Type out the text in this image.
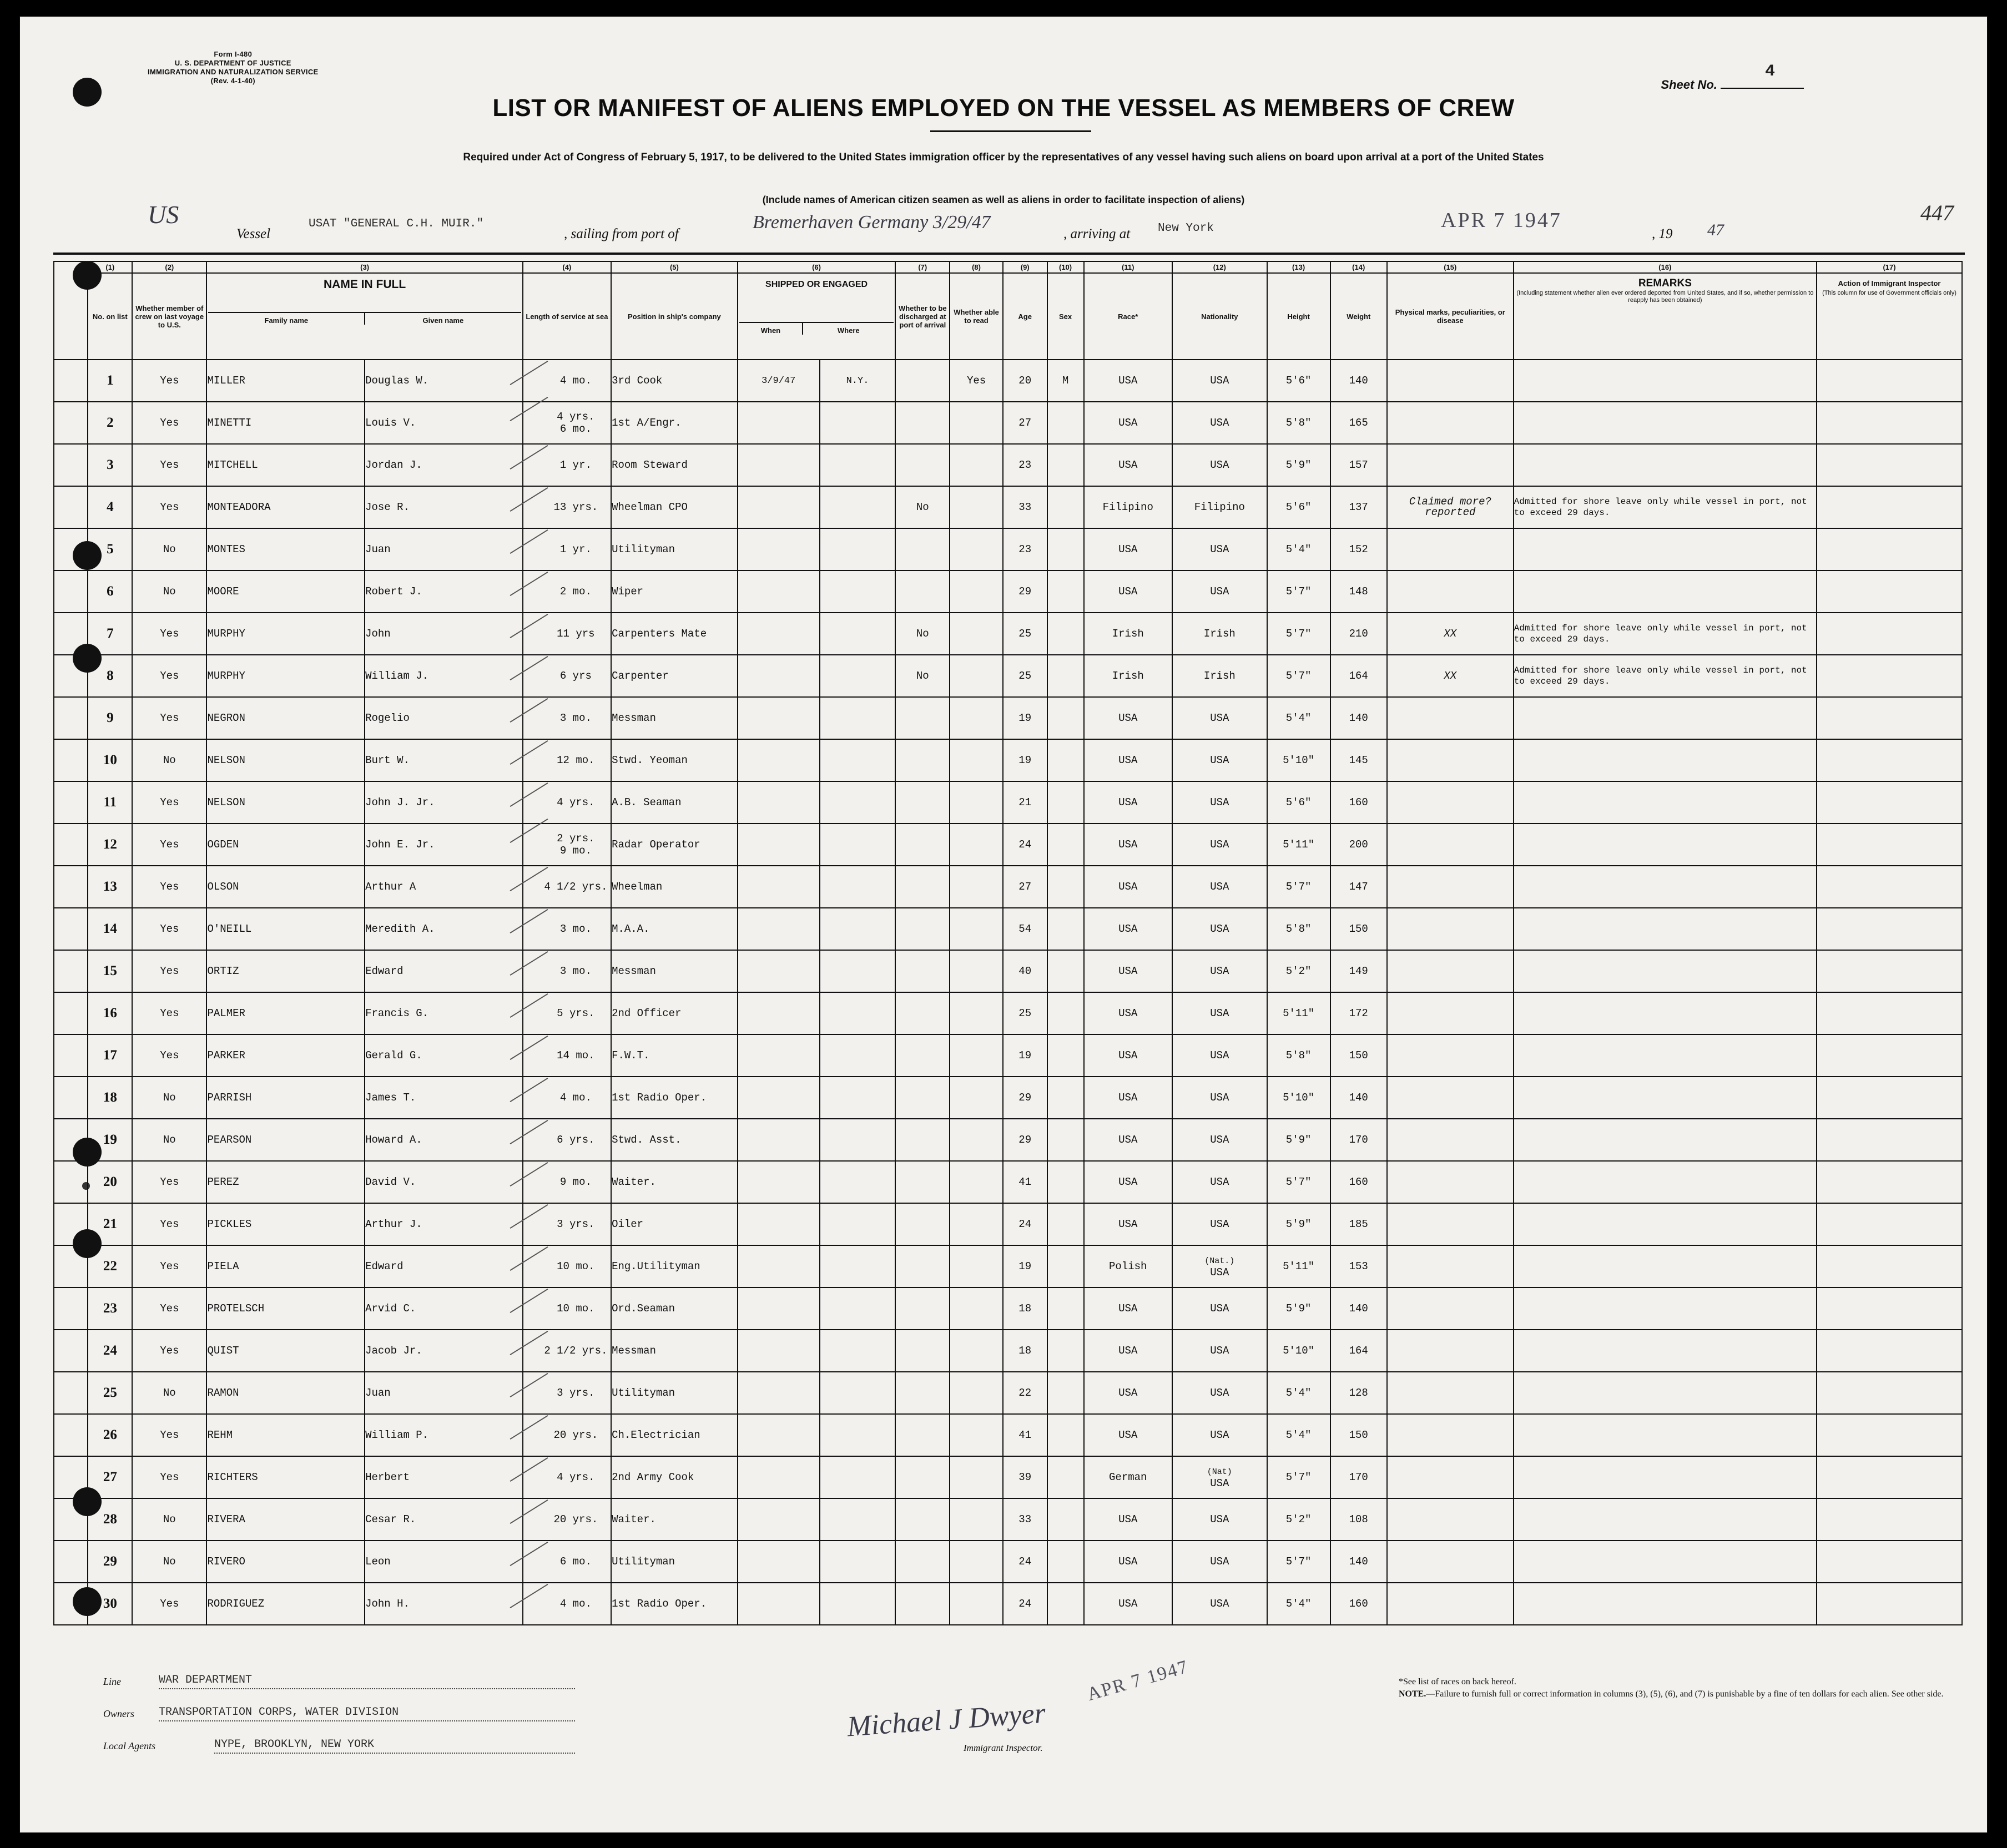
Form I-480
U. S. DEPARTMENT OF JUSTICE
IMMIGRATION AND NATURALIZATION SERVICE
(Rev. 4-1-40)	Sheet No.
4
LIST OR MANIFEST OF ALIENS EMPLOYED ON THE VESSEL AS MEMBERS OF CREW
Required under Act of Congress of February 5, 1917, to be delivered to the United States immigration officer by the representatives of any vessel having such aliens on board upon arrival at a port of the United States
(Include names of American citizen seamen as well as aliens in order to facilitate inspection of aliens)
US	447
Vessel
USAT "GENERAL C.H. MUIR."
, sailing from port of
Bremerhaven Germany 3/29/47
, arriving at New York	, 19 47
APR 7 1947
	(1)	(2)	(3)		(4)	(5)	(6)		(7)	(8)	(9)	(10)	(11)	(12)	(13)	(14)	(15)	(16)	(17)
No. on list	Whether member of crew on last voyage to U.S.	
NAME IN FULL
Family name	Given name	Length of service at sea	Position in ship's company	
SHIPPED OR ENGAGED
When	Where
	Whether to be discharged at port of arrival	Whether able to read	Age	Sex	Race*	Nationality	Height	Weight	Physical marks, peculiarities, or disease	
REMARKS
(Including statement whether alien ever ordered deported from United States, and if so, whether permission to reapply has been obtained)

Action of Immigrant Inspector
(This column for use of Government officials only)

	1	Yes	MILLER	Douglas W.	4 mo.	3rd Cook	3/9/47	N.Y.		Yes	20	M	USA	USA	5'6"	140			
	2	Yes	MINETTI	Louis V.	4 yrs.
6 mo.	1st A/Engr.					27		USA	USA	5'8"	165			
	3	Yes	MITCHELL	Jordan J.	1 yr.	Room Steward					23		USA	USA	5'9"	157			
	4	Yes	MONTEADORA	Jose R.	13 yrs.	Wheelman CPO			No		33		Filipino	Filipino	5'6"	137	Claimed more? reported	Admitted for shore leave only while vessel in port, not to exceed 29 days.	
	5	No	MONTES	Juan	1 yr.	Utilityman					23		USA	USA	5'4"	152			
	6	No	MOORE	Robert J.	2 mo.	Wiper					29		USA	USA	5'7"	148			
	7	Yes	MURPHY	John	11 yrs	Carpenters Mate			No		25		Irish	Irish	5'7"	210	XX	Admitted for shore leave only while vessel in port, not to exceed 29 days.	
	8	Yes	MURPHY	William J.	6 yrs	Carpenter			No		25		Irish	Irish	5'7"	164	XX	Admitted for shore leave only while vessel in port, not to exceed 29 days.	
	9	Yes	NEGRON	Rogelio	3 mo.	Messman					19		USA	USA	5'4"	140			
	10	No	NELSON	Burt W.	12 mo.	Stwd. Yeoman					19		USA	USA	5'10"	145			
	11	Yes	NELSON	John J. Jr.	4 yrs.	A.B. Seaman					21		USA	USA	5'6"	160			
	12	Yes	OGDEN	John E. Jr.	2 yrs.
9 mo.	Radar Operator					24		USA	USA	5'11"	200			
	13	Yes	OLSON	Arthur A	4 1/2 yrs.	Wheelman					27		USA	USA	5'7"	147			
	14	Yes	O'NEILL	Meredith A.	3 mo.	M.A.A.					54		USA	USA	5'8"	150			
	15	Yes	ORTIZ	Edward	3 mo.	Messman					40		USA	USA	5'2"	149			
	16	Yes	PALMER	Francis G.	5 yrs.	2nd Officer					25		USA	USA	5'11"	172			
	17	Yes	PARKER	Gerald G.	14 mo.	F.W.T.					19		USA	USA	5'8"	150			
	18	No	PARRISH	James T.	4 mo.	1st Radio Oper.					29		USA	USA	5'10"	140			
	19	No	PEARSON	Howard A.	6 yrs.	Stwd. Asst.					29		USA	USA	5'9"	170			
	20	Yes	PEREZ	David V.	9 mo.	Waiter.					41		USA	USA	5'7"	160			
	21	Yes	PICKLES	Arthur J.	3 yrs.	Oiler					24		USA	USA	5'9"	185			
	22	Yes	PIELA	Edward	10 mo.	Eng.Utilityman					19		Polish	(Nat.)
USA	5'11"	153			
	23	Yes	PROTELSCH	Arvid C.	10 mo.	Ord.Seaman					18		USA	USA	5'9"	140			
	24	Yes	QUIST	Jacob Jr.	2 1/2 yrs.	Messman					18		USA	USA	5'10"	164			
	25	No	RAMON	Juan	3 yrs.	Utilityman					22		USA	USA	5'4"	128			
	26	Yes	REHM	William P.	20 yrs.	Ch.Electrician					41		USA	USA	5'4"	150			
	27	Yes	RICHTERS	Herbert	4 yrs.	2nd Army Cook					39		German	(Nat)
USA	5'7"	170			
	28	No	RIVERA	Cesar R.	20 yrs.	Waiter.					33		USA	USA	5'2"	108			
	29	No	RIVERO	Leon	6 mo.	Utilityman					24		USA	USA	5'7"	140			
	30	Yes	RODRIGUEZ	John H.	4 mo.	1st Radio Oper.					24		USA	USA	5'4"	160			
Line	WAR DEPARTMENT
Owners TRANSPORTATION CORPS, WATER DIVISION
Local Agents	NYPE, BROOKLYN, NEW YORK
Michael J Dwyer
Immigrant Inspector.
APR 7 1947	*See list of races on back hereof.
NOTE.—Failure to furnish full or correct information in columns (3), (5), (6), and (7) is punishable by a fine of ten dollars for each alien. See other side.
